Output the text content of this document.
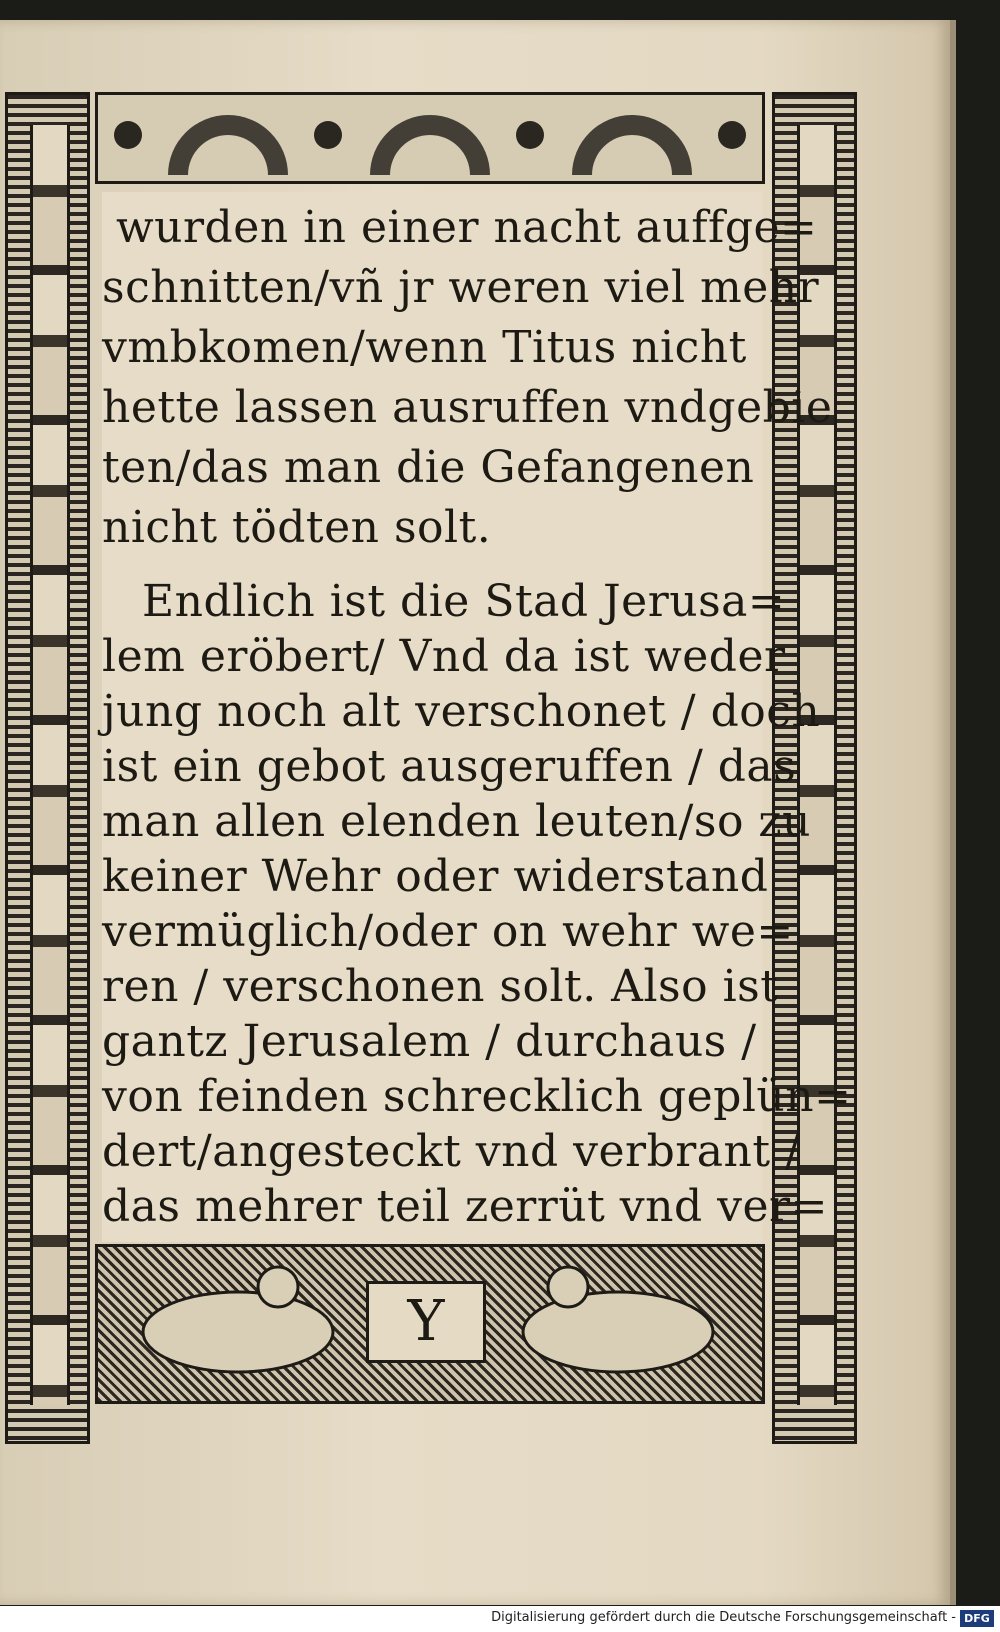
wurden in einer nacht auffge=
schnitten/vñ jr weren viel mehr
vmbkomen/wenn Titus nicht
hette lassen ausruffen vndgebie
ten/das man die Gefangenen
nicht tödten solt.
Endlich ist die Stad Jerusa=
lem eröbert/ Vnd da ist weder
jung noch alt verschonet / doch
ist ein gebot ausgeruffen / das
man allen elenden leuten/so zu
keiner Wehr oder widerstand
vermüglich/oder on wehr we=
ren / verschonen solt. Also ist
gantz Jerusalem / durchaus /
von feinden schrecklich geplün=
dert/angesteckt vnd verbrant /
das mehrer teil zerrüt vnd ver=
Y
Digitalisierung gefördert durch die Deutsche Forschungsgemeinschaft - DFG
